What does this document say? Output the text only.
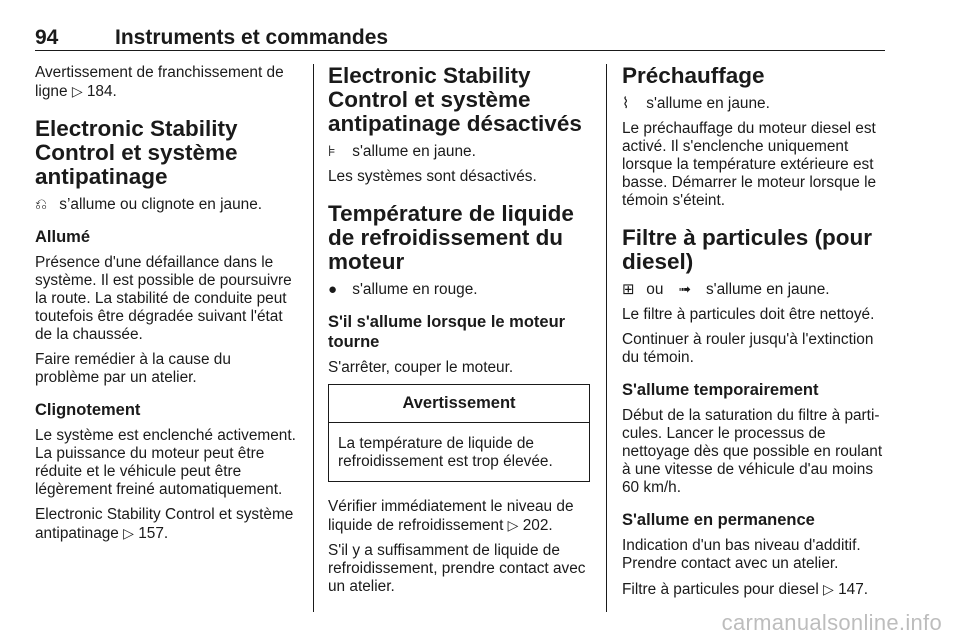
94	Instruments et commandes

Avertissement de franchissement de ligne ▷ 184.

Electronic Stability Control et système antipatinage

⎌ s’allume ou clignote en jaune.

Allumé

Présence d'une défaillance dans le système. Il est possible de poursuivre la route. La stabilité de conduite peut toutefois être dégradée suivant l'état de la chaussée.

Faire remédier à la cause du problème par un atelier.

Clignotement

Le système est enclenché activement. La puissance du moteur peut être réduite et le véhicule peut être légèrement freiné automatiquement.

Electronic Stability Control et système antipatinage ▷ 157.

Electronic Stability Control et système antipatinage désactivés

⊧ s'allume en jaune.

Les systèmes sont désactivés.

Température de liquide de refroidissement du moteur

● s'allume en rouge.

S'il s'allume lorsque le moteur tourne

S'arrêter, couper le moteur.

Avertissement
La température de liquide de refroidissement est trop élevée.

Vérifier immédiatement le niveau de liquide de refroidissement ▷ 202.

S'il y a suffisamment de liquide de refroidissement, prendre contact avec un atelier.

Préchauffage

⌇ s'allume en jaune.

Le préchauffage du moteur diesel est activé. Il s'enclenche uniquement lorsque la température extérieure est basse. Démarrer le moteur lorsque le témoin s'éteint.

Filtre à particules (pour diesel)

⊞ ou ➟ s'allume en jaune.

Le filtre à particules doit être nettoyé.

Continuer à rouler jusqu'à l'extinction du témoin.

S'allume temporairement

Début de la saturation du filtre à particules. Lancer le processus de nettoyage dès que possible en roulant à une vitesse de véhicule d'au moins 60 km/h.

S'allume en permanence

Indication d'un bas niveau d'additif. Prendre contact avec un atelier.

Filtre à particules pour diesel ▷ 147.

carmanualsonline.info
